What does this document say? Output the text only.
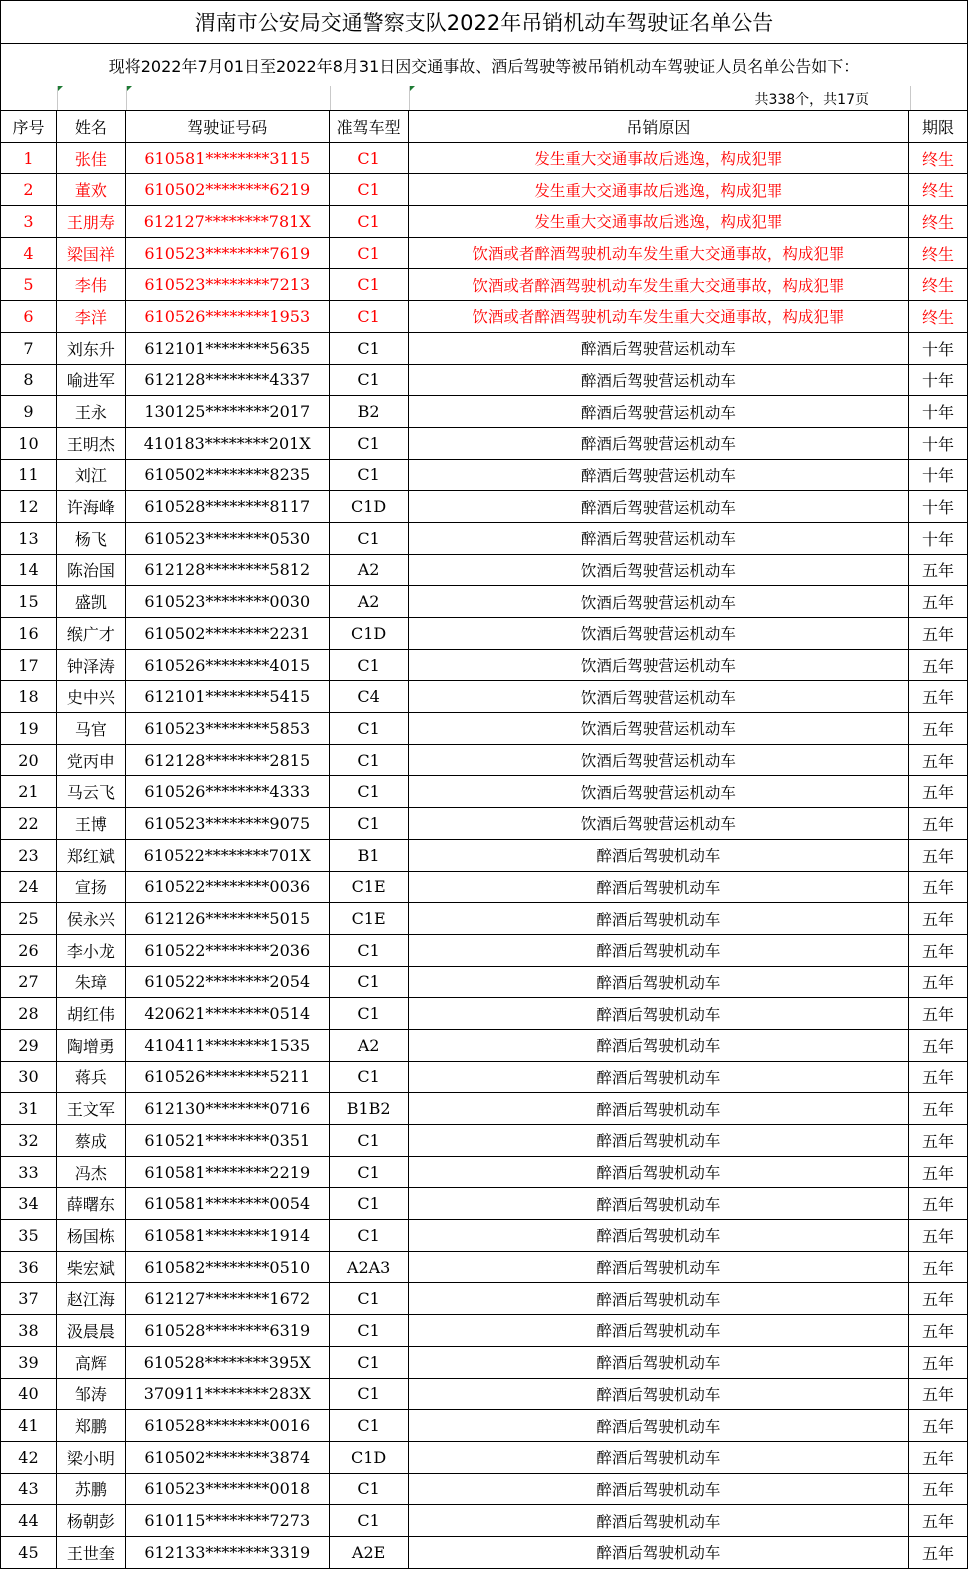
渭南市公安局交通警察支队2022年吊销机动车驾驶证名单公告
现将2022年7月01日至2022年8月31日因交通事故、酒后驾驶等被吊销机动车驾驶证人员名单公告如下：
共338个，共17页
序号	姓名	驾驶证号码	准驾车型	吊销原因	期限
1	张佳	610581********3115	C1	发生重大交通事故后逃逸，构成犯罪	终生
2	董欢	610502********6219	C1	发生重大交通事故后逃逸，构成犯罪	终生
3	王朋寿	612127********781X	C1	发生重大交通事故后逃逸，构成犯罪	终生
4	梁国祥	610523********7619	C1	饮酒或者醉酒驾驶机动车发生重大交通事故，构成犯罪	终生
5	李伟	610523********7213	C1	饮酒或者醉酒驾驶机动车发生重大交通事故，构成犯罪	终生
6	李洋	610526********1953	C1	饮酒或者醉酒驾驶机动车发生重大交通事故，构成犯罪	终生
7	刘东升	612101********5635	C1	醉酒后驾驶营运机动车	十年
8	喻进军	612128********4337	C1	醉酒后驾驶营运机动车	十年
9	王永	130125********2017	B2	醉酒后驾驶营运机动车	十年
10	王明杰	410183********201X	C1	醉酒后驾驶营运机动车	十年
11	刘江	610502********8235	C1	醉酒后驾驶营运机动车	十年
12	许海峰	610528********8117	C1D	醉酒后驾驶营运机动车	十年
13	杨飞	610523********0530	C1	醉酒后驾驶营运机动车	十年
14	陈治国	612128********5812	A2	饮酒后驾驶营运机动车	五年
15	盛凯	610523********0030	A2	饮酒后驾驶营运机动车	五年
16	缑广才	610502********2231	C1D	饮酒后驾驶营运机动车	五年
17	钟泽涛	610526********4015	C1	饮酒后驾驶营运机动车	五年
18	史中兴	612101********5415	C4	饮酒后驾驶营运机动车	五年
19	马官	610523********5853	C1	饮酒后驾驶营运机动车	五年
20	党丙申	612128********2815	C1	饮酒后驾驶营运机动车	五年
21	马云飞	610526********4333	C1	饮酒后驾驶营运机动车	五年
22	王博	610523********9075	C1	饮酒后驾驶营运机动车	五年
23	郑红斌	610522********701X	B1	醉酒后驾驶机动车	五年
24	宣扬	610522********0036	C1E	醉酒后驾驶机动车	五年
25	侯永兴	612126********5015	C1E	醉酒后驾驶机动车	五年
26	李小龙	610522********2036	C1	醉酒后驾驶机动车	五年
27	朱璋	610522********2054	C1	醉酒后驾驶机动车	五年
28	胡红伟	420621********0514	C1	醉酒后驾驶机动车	五年
29	陶增勇	410411********1535	A2	醉酒后驾驶机动车	五年
30	蒋兵	610526********5211	C1	醉酒后驾驶机动车	五年
31	王文军	612130********0716	B1B2	醉酒后驾驶机动车	五年
32	蔡成	610521********0351	C1	醉酒后驾驶机动车	五年
33	冯杰	610581********2219	C1	醉酒后驾驶机动车	五年
34	薛曙东	610581********0054	C1	醉酒后驾驶机动车	五年
35	杨国栋	610581********1914	C1	醉酒后驾驶机动车	五年
36	柴宏斌	610582********0510	A2A3	醉酒后驾驶机动车	五年
37	赵江海	612127********1672	C1	醉酒后驾驶机动车	五年
38	汲晨晨	610528********6319	C1	醉酒后驾驶机动车	五年
39	高辉	610528********395X	C1	醉酒后驾驶机动车	五年
40	邹涛	370911********283X	C1	醉酒后驾驶机动车	五年
41	郑鹏	610528********0016	C1	醉酒后驾驶机动车	五年
42	梁小明	610502********3874	C1D	醉酒后驾驶机动车	五年
43	苏鹏	610523********0018	C1	醉酒后驾驶机动车	五年
44	杨朝彭	610115********7273	C1	醉酒后驾驶机动车	五年
45	王世奎	612133********3319	A2E	醉酒后驾驶机动车	五年
